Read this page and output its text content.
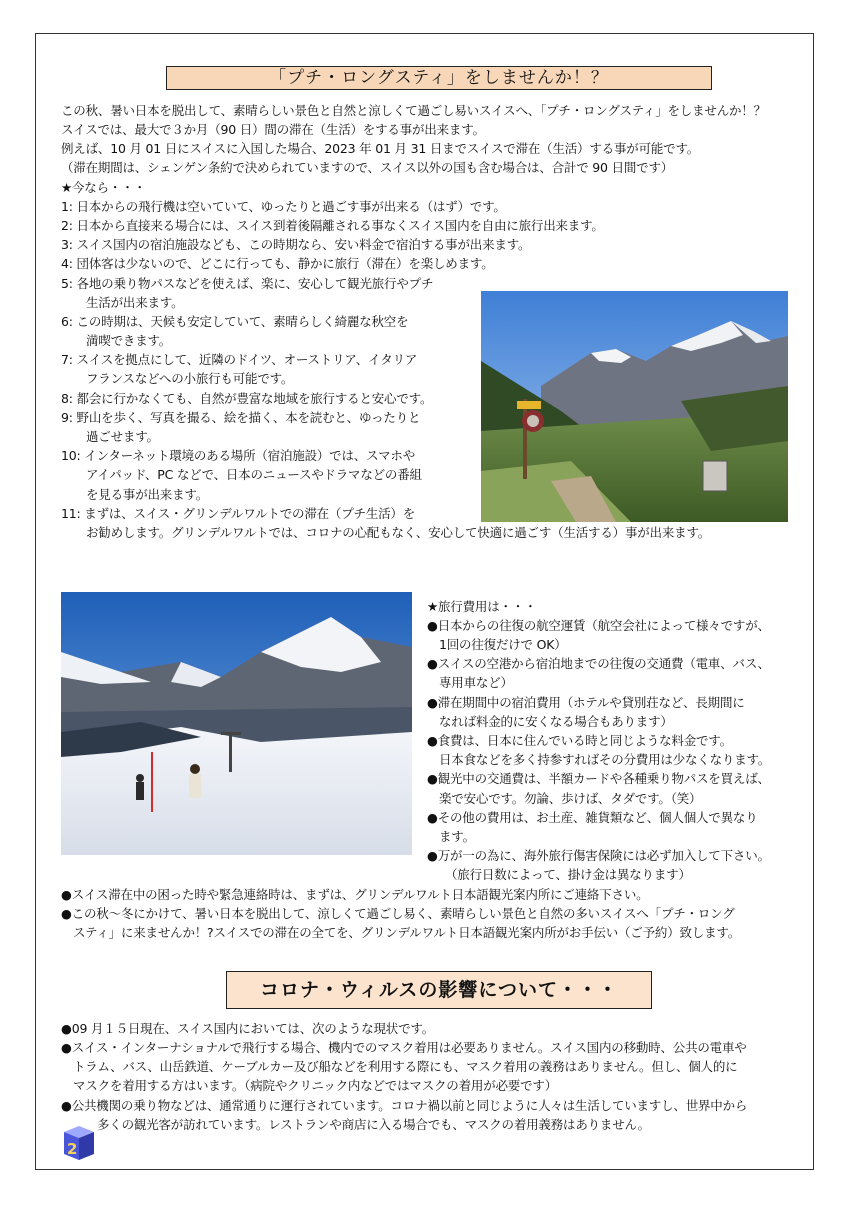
「プチ・ロングスティ」をしませんか！？
この秋、暑い日本を脱出して、素晴らしい景色と自然と涼しくて過ごし易いスイスへ、「プチ・ロングスティ」をしませんか！？
スイスでは、最大で３か月（90 日）間の滞在（生活）をする事が出来ます。
例えば、10 月 01 日にスイスに入国した場合、2023 年 01 月 31 日までスイスで滞在（生活）する事が可能です。
（滞在期間は、シェンゲン条約で決められていますので、スイス以外の国も含む場合は、合計で 90 日間です）
★今なら・・・
1: 日本からの飛行機は空いていて、ゆったりと過ごす事が出来る（はず）です。
2: 日本から直接来る場合には、スイス到着後隔離される事なくスイス国内を自由に旅行出来ます。
3: スイス国内の宿泊施設なども、この時期なら、安い料金で宿泊する事が出来ます。
4: 団体客は少ないので、どこに行っても、静かに旅行（滞在）を楽しめます。
5: 各地の乗り物パスなどを使えば、楽に、安心して観光旅行やプチ
生活が出来ます。
6: この時期は、天候も安定していて、素晴らしく綺麗な秋空を
満喫できます。
7: スイスを拠点にして、近隣のドイツ、オーストリア、イタリア
フランスなどへの小旅行も可能です。
8: 都会に行かなくても、自然が豊富な地域を旅行すると安心です。
9: 野山を歩く、写真を撮る、絵を描く、本を読むと、ゆったりと
過ごせます。
10: インターネット環境のある場所（宿泊施設）では、スマホや
アイパッド、PC などで、日本のニュースやドラマなどの番組
を見る事が出来ます。
11: まずは、スイス・グリンデルワルトでの滞在（プチ生活）を
お勧めします。グリンデルワルトでは、コロナの心配もなく、安心して快適に過ごす（生活する）事が出来ます。
★旅行費用は・・・
●日本からの往復の航空運賃（航空会社によって様々ですが、
1回の往復だけで OK）
●スイスの空港から宿泊地までの往復の交通費（電車、バス、
専用車など）
●滞在期間中の宿泊費用（ホテルや貸別荘など、長期間に
なれば料金的に安くなる場合もあります）
●食費は、日本に住んでいる時と同じような料金です。
日本食などを多く持参すればその分費用は少なくなります。
●観光中の交通費は、半額カードや各種乗り物パスを買えば、
楽で安心です。勿論、歩けば、タダです。（笑）
●その他の費用は、お土産、雑貨類など、個人個人で異なり
ます。
●万が一の為に、海外旅行傷害保険には必ず加入して下さい。
（旅行日数によって、掛け金は異なります）
●スイス滞在中の困った時や緊急連絡時は、まずは、グリンデルワルト日本語観光案内所にご連絡下さい。
●この秋～冬にかけて、暑い日本を脱出して、涼しくて過ごし易く、素晴らしい景色と自然の多いスイスへ「プチ・ロング
スティ」に来ませんか！?スイスでの滞在の全てを、グリンデルワルト日本語観光案内所がお手伝い（ご予約）致します。
コロナ・ウィルスの影響について・・・
●09 月１５日現在、スイス国内においては、次のような現状です。
●スイス・インターナショナルで飛行する場合、機内でのマスク着用は必要ありません。スイス国内の移動時、公共の電車や
トラム、バス、山岳鉄道、ケーブルカー及び船などを利用する際にも、マスク着用の義務はありません。但し、個人的に
マスクを着用する方はいます。（病院やクリニック内などではマスクの着用が必要です）
●公共機関の乗り物などは、通常通りに運行されています。コロナ禍以前と同じように人々は生活していますし、世界中から
多くの観光客が訪れています。レストランや商店に入る場合でも、マスクの着用義務はありません。
2
